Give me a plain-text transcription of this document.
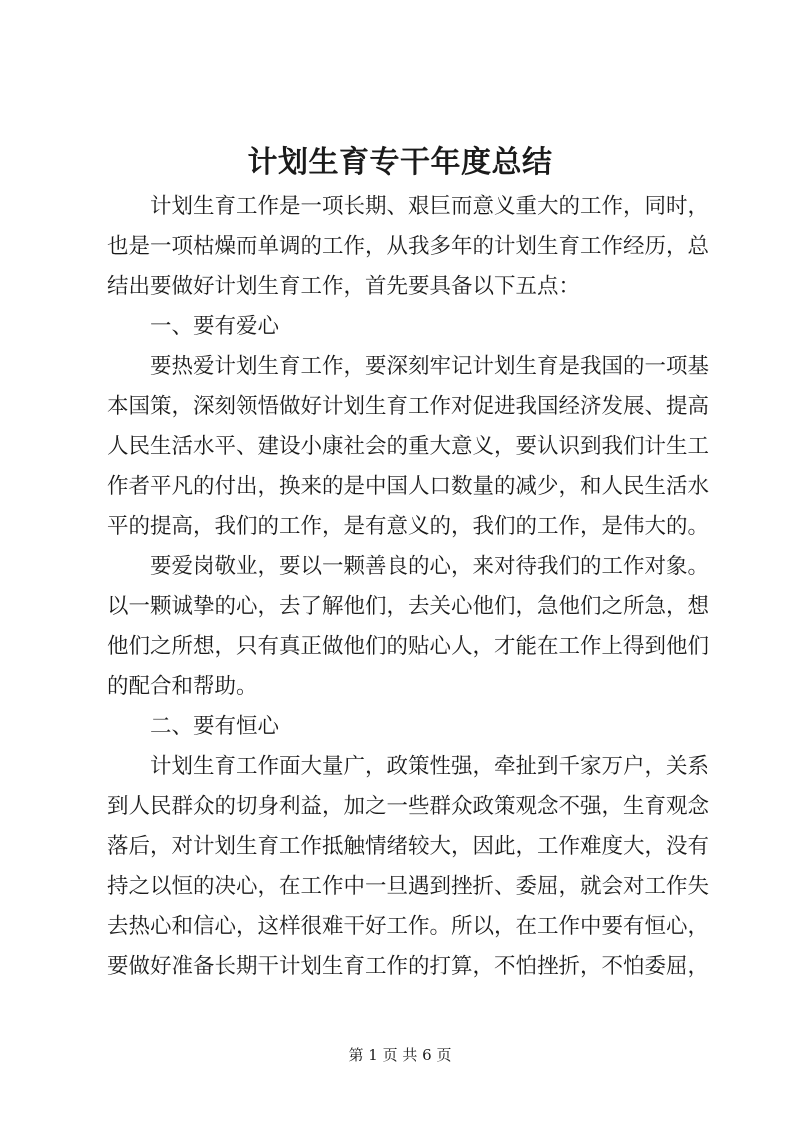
计划生育专干年度总结
计划生育工作是一项长期、艰巨而意义重大的工作，同时，
也是一项枯燥而单调的工作，从我多年的计划生育工作经历，总
结出要做好计划生育工作，首先要具备以下五点：
一、要有爱心
要热爱计划生育工作，要深刻牢记计划生育是我国的一项基
本国策，深刻领悟做好计划生育工作对促进我国经济发展、提高
人民生活水平、建设小康社会的重大意义，要认识到我们计生工
作者平凡的付出，换来的是中国人口数量的减少，和人民生活水
平的提高，我们的工作，是有意义的，我们的工作，是伟大的。
要爱岗敬业，要以一颗善良的心，来对待我们的工作对象。
以一颗诚挚的心，去了解他们，去关心他们，急他们之所急，想
他们之所想，只有真正做他们的贴心人，才能在工作上得到他们
的配合和帮助。
二、要有恒心
计划生育工作面大量广，政策性强，牵扯到千家万户，关系
到人民群众的切身利益，加之一些群众政策观念不强，生育观念
落后，对计划生育工作抵触情绪较大，因此，工作难度大，没有
持之以恒的决心，在工作中一旦遇到挫折、委屈，就会对工作失
去热心和信心，这样很难干好工作。所以，在工作中要有恒心，
要做好准备长期干计划生育工作的打算，不怕挫折，不怕委屈，
第 1 页 共 6 页
